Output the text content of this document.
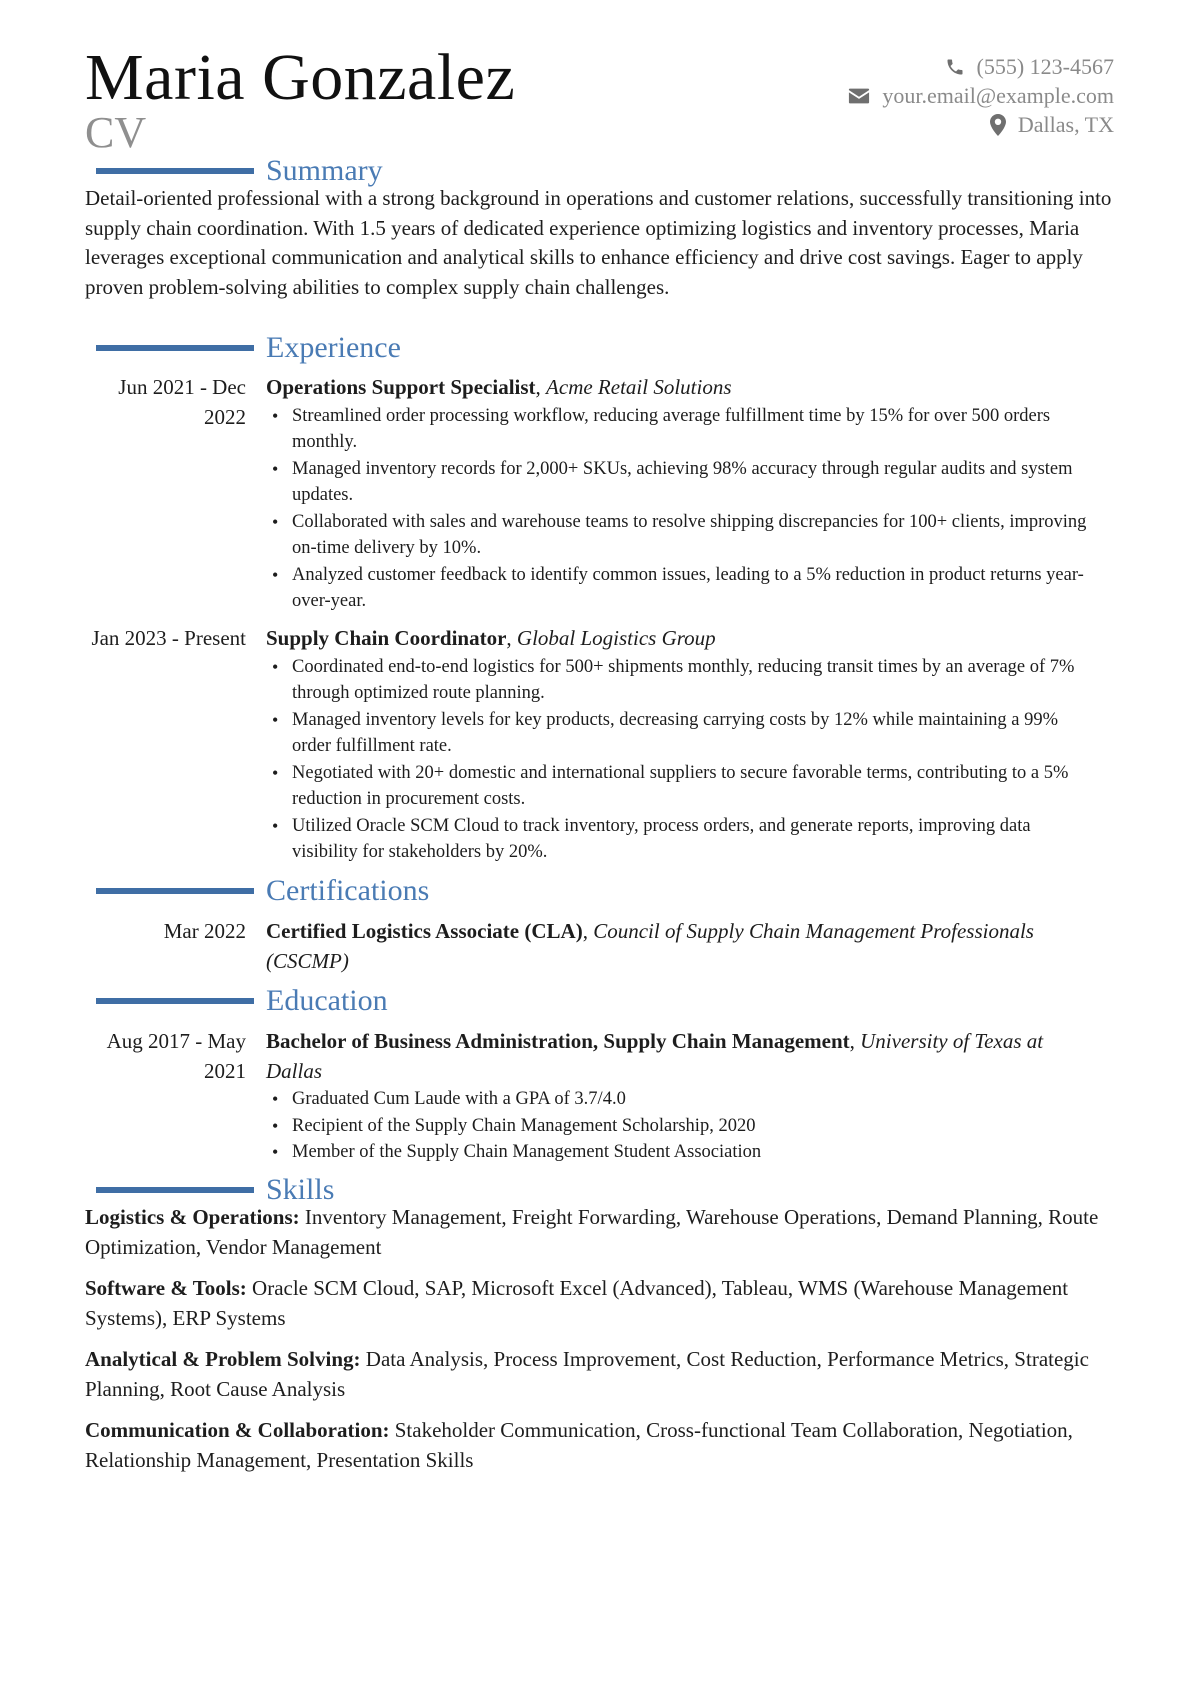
Maria Gonzalez
CV
(555) 123-4567
your.email@example.com
Dallas, TX
Summary
Detail-oriented professional with a strong background in operations and customer relations, successfully transitioning into supply chain coordination. With 1.5 years of dedicated experience optimizing logistics and inventory processes, Maria leverages exceptional communication and analytical skills to enhance efficiency and drive cost savings. Eager to apply proven problem-solving abilities to complex supply chain challenges.
Experience
Jun 2021 - Dec 2022
Operations Support Specialist, Acme Retail Solutions
• Streamlined order processing workflow, reducing average fulfillment time by 15% for over 500 orders monthly.
• Managed inventory records for 2,000+ SKUs, achieving 98% accuracy through regular audits and system updates.
• Collaborated with sales and warehouse teams to resolve shipping discrepancies for 100+ clients, improving on-time delivery by 10%.
• Analyzed customer feedback to identify common issues, leading to a 5% reduction in product returns year-over-year.
Jan 2023 - Present Supply Chain Coordinator, Global Logistics Group
• Coordinated end-to-end logistics for 500+ shipments monthly, reducing transit times by an average of 7% through optimized route planning.
• Managed inventory levels for key products, decreasing carrying costs by 12% while maintaining a 99% order fulfillment rate.
• Negotiated with 20+ domestic and international suppliers to secure favorable terms, contributing to a 5% reduction in procurement costs.
• Utilized Oracle SCM Cloud to track inventory, process orders, and generate reports, improving data visibility for stakeholders by 20%.
Certifications
Mar 2022 Certified Logistics Associate (CLA), Council of Supply Chain Management Professionals (CSCMP)
Education
Aug 2017 - May 2021
Bachelor of Business Administration, Supply Chain Management, University of Texas at Dallas
• Graduated Cum Laude with a GPA of 3.7/4.0
• Recipient of the Supply Chain Management Scholarship, 2020
• Member of the Supply Chain Management Student Association
Skills
Logistics & Operations: Inventory Management, Freight Forwarding, Warehouse Operations, Demand Planning, Route Optimization, Vendor Management
Software & Tools: Oracle SCM Cloud, SAP, Microsoft Excel (Advanced), Tableau, WMS (Warehouse Management Systems), ERP Systems
Analytical & Problem Solving: Data Analysis, Process Improvement, Cost Reduction, Performance Metrics, Strategic Planning, Root Cause Analysis
Communication & Collaboration: Stakeholder Communication, Cross-functional Team Collaboration, Negotiation, Relationship Management, Presentation Skills
